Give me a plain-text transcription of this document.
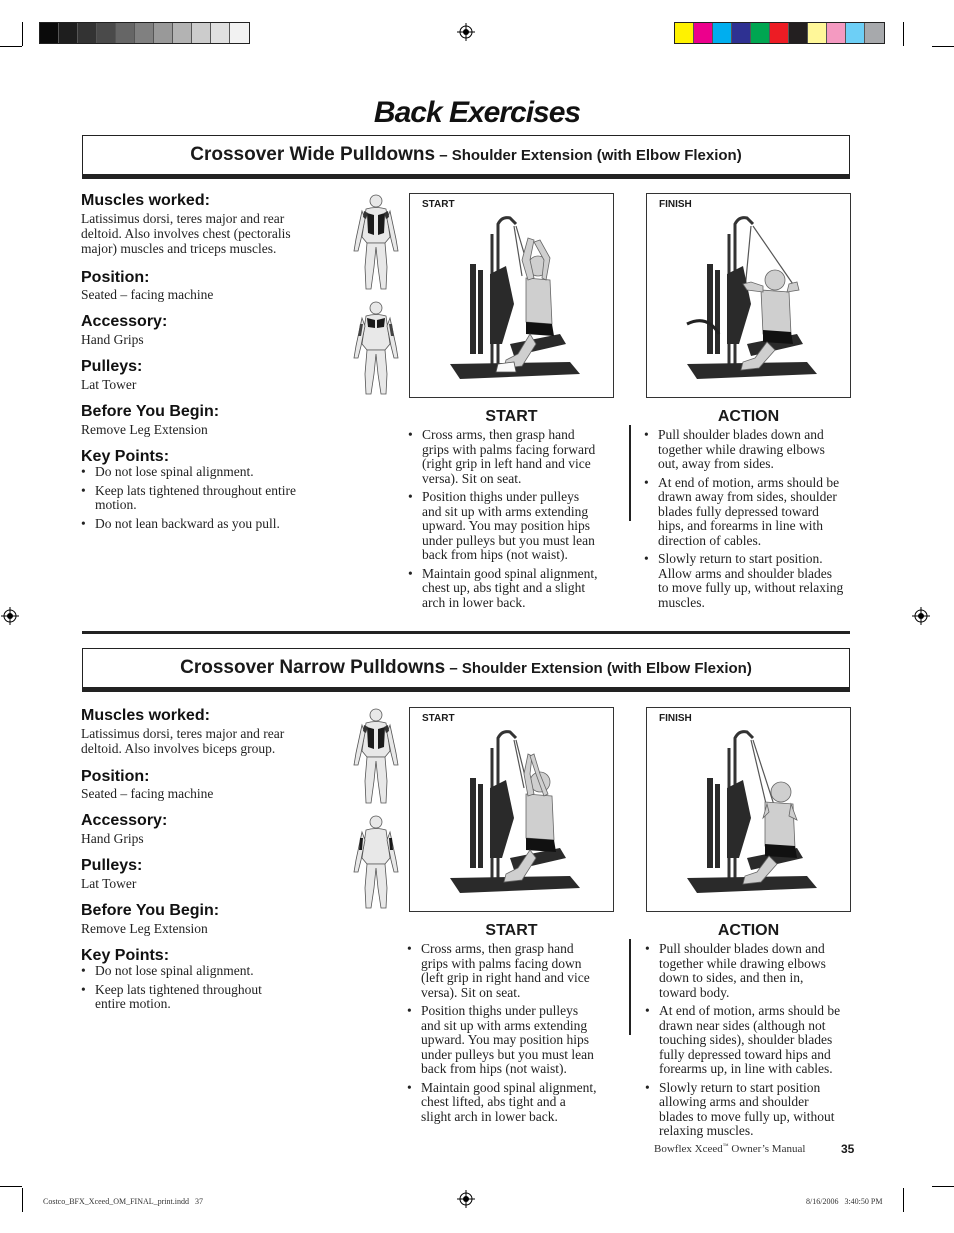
Back Exercises
Crossover Wide Pulldowns – Shoulder Extension (with Elbow Flexion)
Muscles worked:
Latissimus dorsi, teres major and rear
deltoid. Also involves chest (pectoralis
major) muscles and triceps muscles.
Position:
Seated – facing machine
Accessory:
Hand Grips
Pulleys:
Lat Tower
Before You Begin:
Remove Leg Extension
Key Points:
• Do not lose spinal alignment.
• Keep lats tightened throughout entire
motion.
• Do not lean backward as you pull.
START	FINISH
START	ACTION
• Cross arms, then grasp hand
grips with palms facing forward
(right grip in left hand and vice
versa). Sit on seat.
• Position thighs under pulleys
and sit up with arms extending
upward. You may position hips
under pulleys but you must lean
back from hips (not waist).
• Maintain good spinal alignment,
chest up, abs tight and a slight
arch in lower back.
• Pull shoulder blades down and
together while drawing elbows
out, away from sides.
• At end of motion, arms should be
drawn away from sides, shoulder
blades fully depressed toward
hips, and forearms in line with
direction of cables.
• Slowly return to start position.
Allow arms and shoulder blades
to move fully up, without relaxing
muscles.
Crossover Narrow Pulldowns – Shoulder Extension (with Elbow Flexion)
Muscles worked:
Latissimus dorsi, teres major and rear
deltoid. Also involves biceps group.
Position:
Seated – facing machine
Accessory:
Hand Grips
Pulleys:
Lat Tower
Before You Begin:
Remove Leg Extension
Key Points:
• Do not lose spinal alignment.
• Keep lats tightened throughout
entire motion.
START	FINISH
START	ACTION
• Cross arms, then grasp hand
grips with palms facing down
(left grip in right hand and vice
versa). Sit on seat.
• Position thighs under pulleys
and sit up with arms extending
upward. You may position hips
under pulleys but you must lean
back from hips (not waist).
• Maintain good spinal alignment,
chest lifted, abs tight and a
slight arch in lower back.
• Pull shoulder blades down and
together while drawing elbows
down to sides, and then in,
toward body.
• At end of motion, arms should be
drawn near sides (although not
touching sides), shoulder blades
fully depressed toward hips and
forearms up, in line with cables.
• Slowly return to start position
allowing arms and shoulder
blades to move fully up, without
relaxing muscles.
Bowflex Xceed™ Owner’s Manual	35
Costco_BFX_Xceed_OM_FINAL_print.indd   37	8/16/2006   3:40:50 PM
